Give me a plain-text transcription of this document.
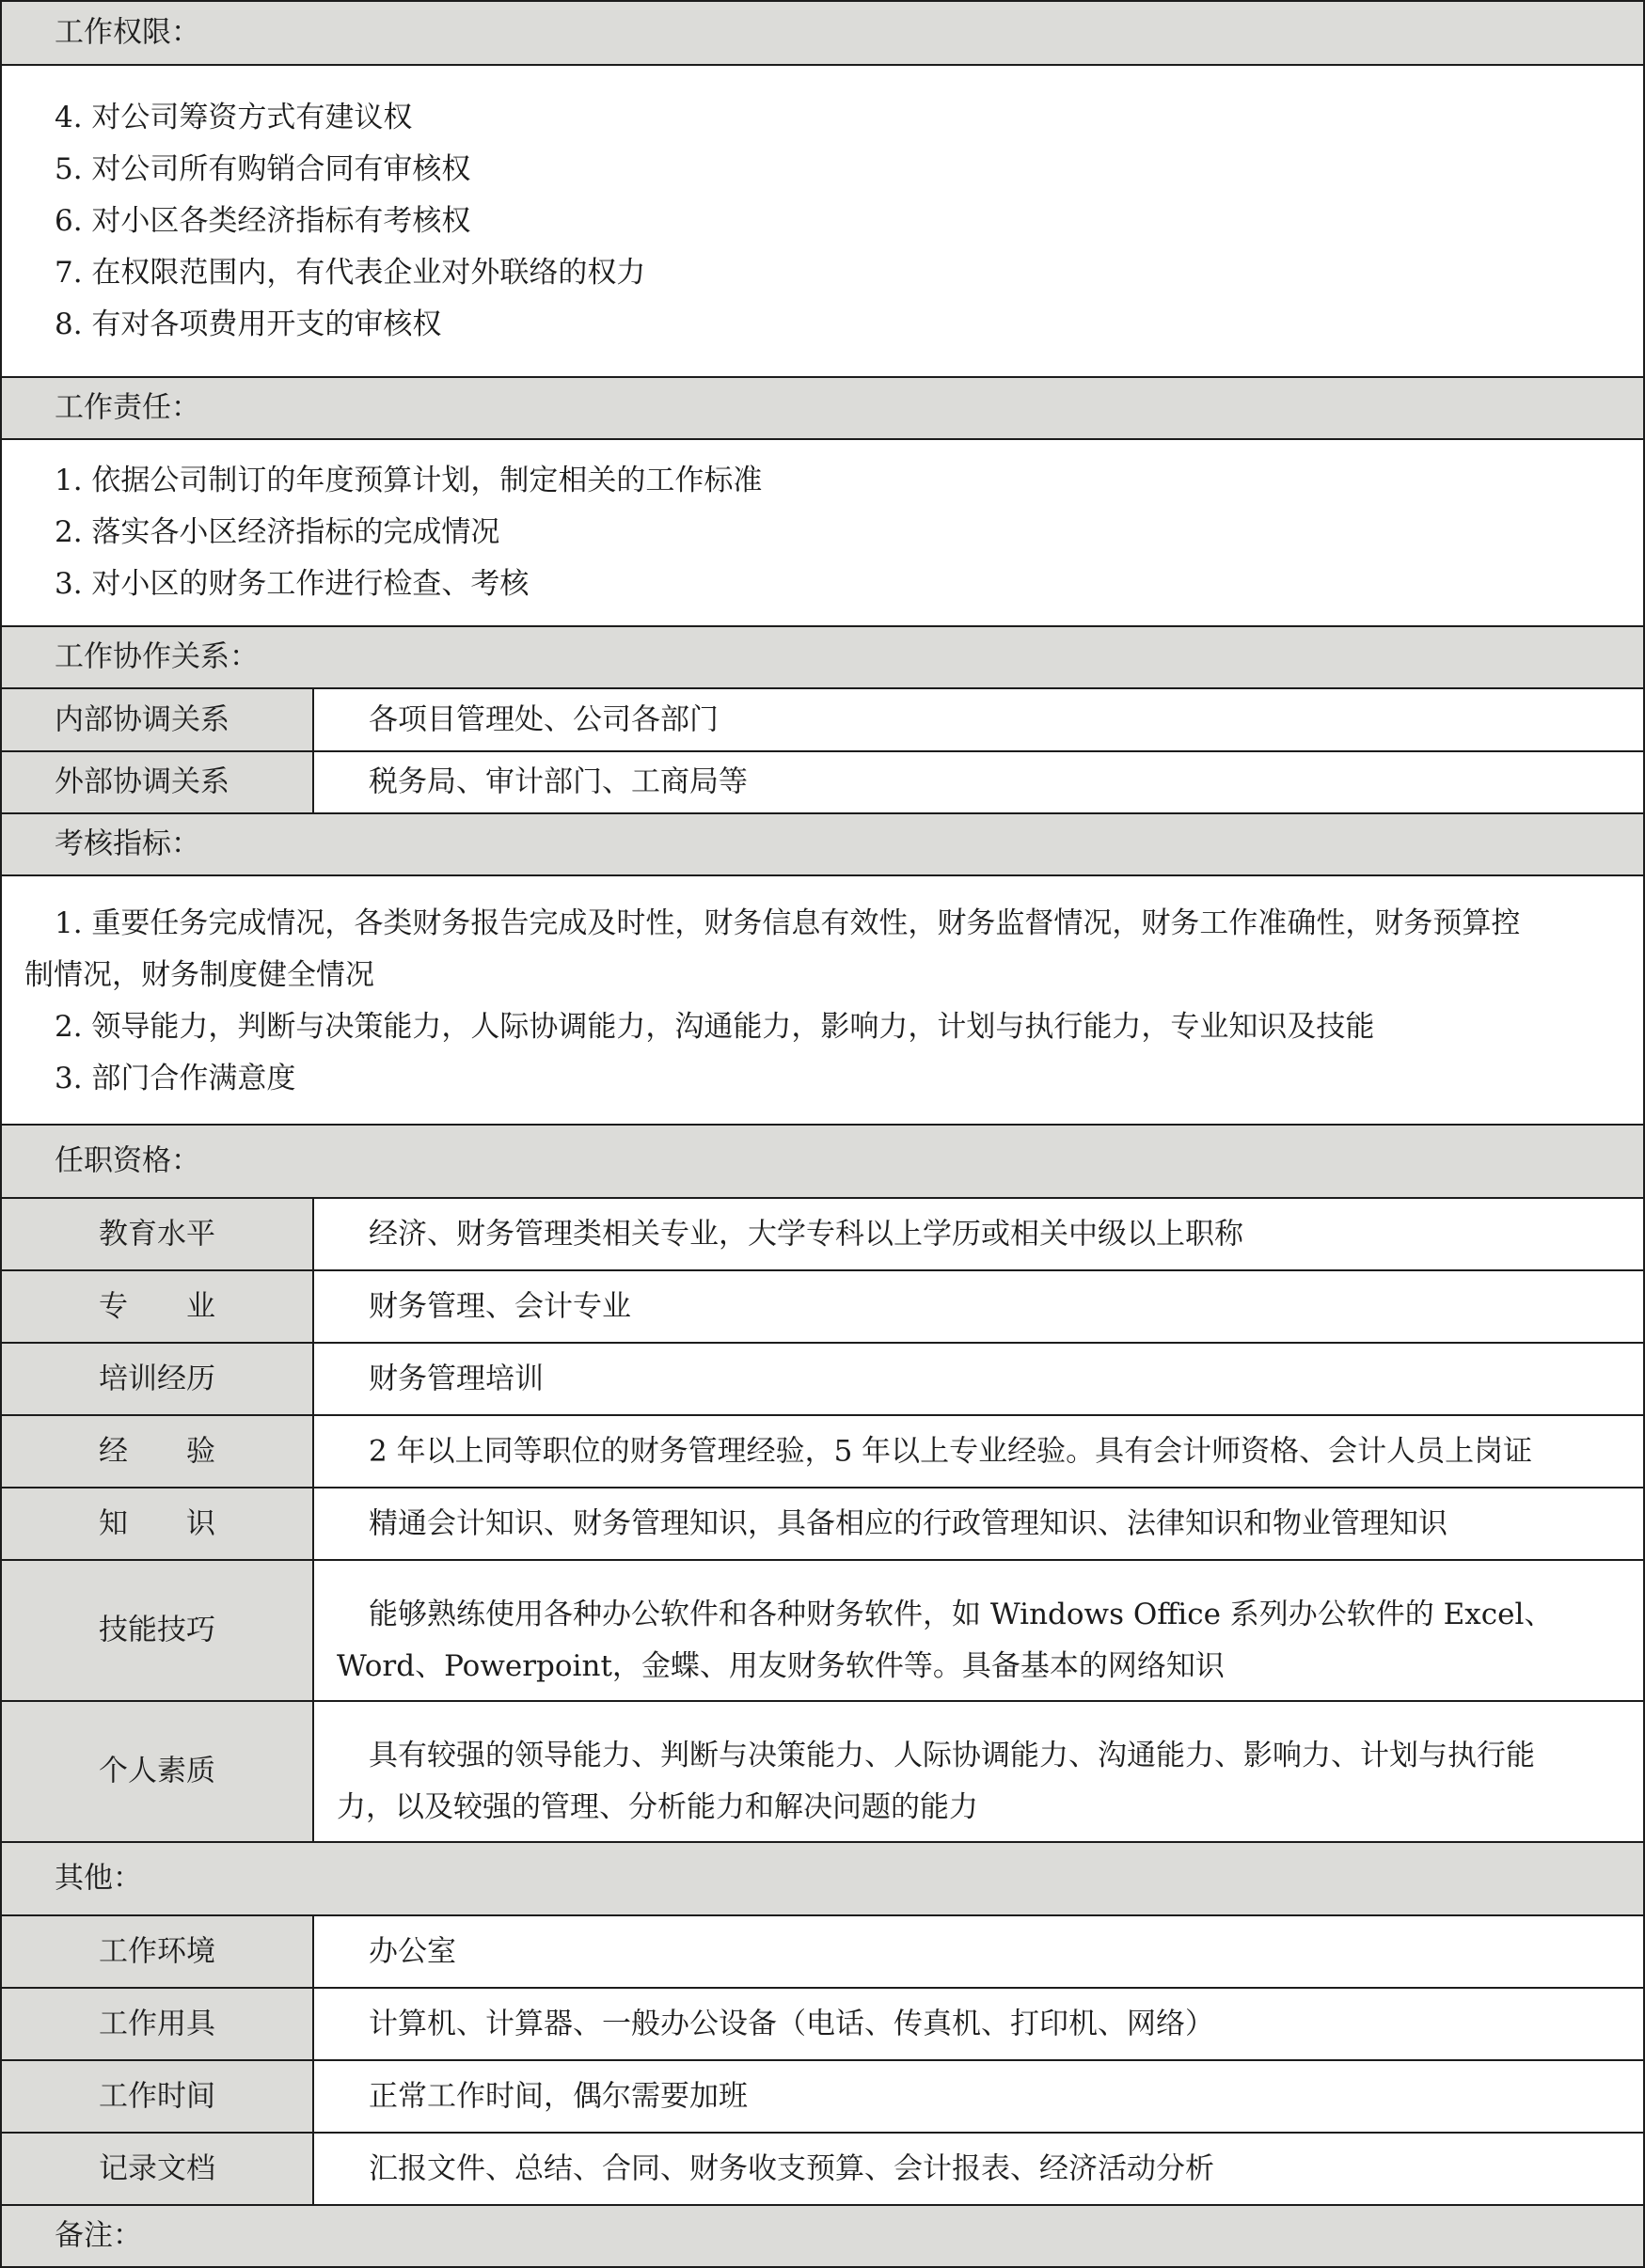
工作权限：
4. 对公司筹资方式有建议权
5. 对公司所有购销合同有审核权
6. 对小区各类经济指标有考核权
7. 在权限范围内，有代表企业对外联络的权力
8. 有对各项费用开支的审核权
工作责任：
1. 依据公司制订的年度预算计划，制定相关的工作标准
2. 落实各小区经济指标的完成情况
3. 对小区的财务工作进行检查、考核
工作协作关系：
内部协调关系	各项目管理处、公司各部门
外部协调关系	税务局、审计部门、工商局等
考核指标：
1. 重要任务完成情况，各类财务报告完成及时性，财务信息有效性，财务监督情况，财务工作准确性，财务预算控
制情况，财务制度健全情况
2. 领导能力，判断与决策能力，人际协调能力，沟通能力，影响力，计划与执行能力，专业知识及技能
3. 部门合作满意度
任职资格：
教育水平	经济、财务管理类相关专业，大学专科以上学历或相关中级以上职称
专　　业	财务管理、会计专业
培训经历	财务管理培训
经　　验	2 年以上同等职位的财务管理经验，5 年以上专业经验。具有会计师资格、会计人员上岗证
知　　识	精通会计知识、财务管理知识，具备相应的行政管理知识、法律知识和物业管理知识
技能技巧	能够熟练使用各种办公软件和各种财务软件，如 Windows Office 系列办公软件的 Excel、
Word、Powerpoint，金蝶、用友财务软件等。具备基本的网络知识
个人素质	具有较强的领导能力、判断与决策能力、人际协调能力、沟通能力、影响力、计划与执行能
力，以及较强的管理、分析能力和解决问题的能力
其他：
工作环境	办公室
工作用具	计算机、计算器、一般办公设备（电话、传真机、打印机、网络）
工作时间	正常工作时间，偶尔需要加班
记录文档	汇报文件、总结、合同、财务收支预算、会计报表、经济活动分析
备注：
